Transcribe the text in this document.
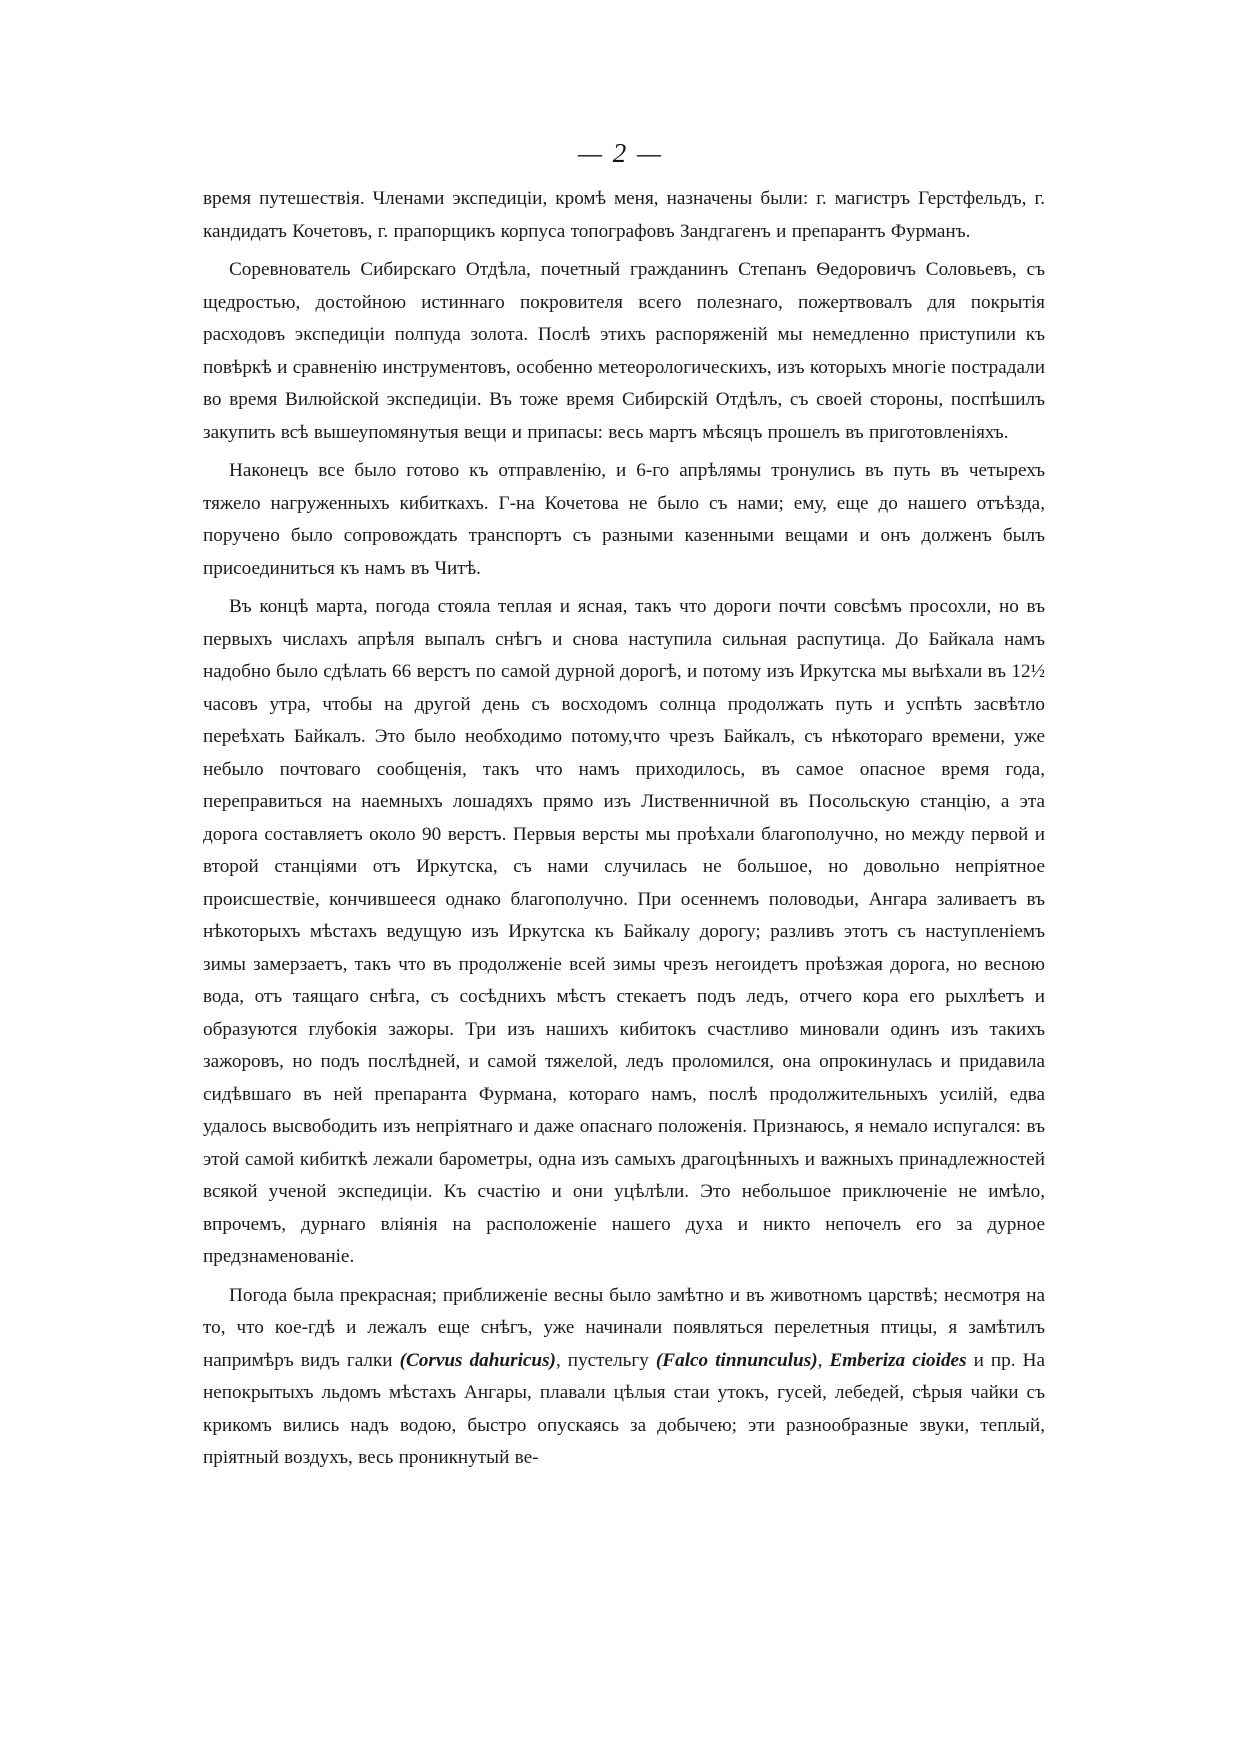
— 2 —

время путешествія. Членами экспедиціи, кромѣ меня, назначены были: г. магистръ Герстфельдъ, г. кандидатъ Кочетовъ, г. прапорщикъ корпуса топографовъ Зандгагенъ и препарантъ Фурманъ.

Соревнователь Сибирскаго Отдѣла, почетный гражданинъ Степанъ Ѳедоровичъ Соловьевъ, съ щедростью, достойною истиннаго покровителя всего полезнаго, пожертвовалъ для покрытія расходовъ экспедиціи полпуда золота. Послѣ этихъ распоряженій мы немедленно приступили къ повѣркѣ и сравненію инструментовъ, особенно метеорологическихъ, изъ которыхъ многіе пострадали во время Вилюйской экспедиціи. Въ тоже время Сибирскій Отдѣлъ, съ своей стороны, поспѣшилъ закупить всѣ вышеупомянутыя вещи и припасы: весь мартъ мѣсяцъ прошелъ въ приготовленіяхъ.

Наконецъ все было готово къ отправленію, и 6-го апрѣлямы тронулись въ путь въ четырехъ тяжело нагруженныхъ кибиткахъ. Г-на Кочетова не было съ нами; ему, еще до нашего отъѣзда, поручено было сопровождать транспортъ съ разными казенными вещами и онъ долженъ былъ присоединиться къ намъ въ Читѣ.

Въ концѣ марта, погода стояла теплая и ясная, такъ что дороги почти совсѣмъ просохли, но въ первыхъ числахъ апрѣля выпалъ снѣгъ и снова наступила сильная распутица. До Байкала намъ надобно было сдѣлать 66 верстъ по самой дурной дорогѣ, и потому изъ Иркутска мы выѣхали въ 12½ часовъ утра, чтобы на другой день съ восходомъ солнца продолжать путь и успѣть засвѣтло переѣхать Байкалъ. Это было необходимо потому,что чрезъ Байкалъ, съ нѣкотораго времени, уже небыло почтоваго сообщенія, такъ что намъ приходилось, въ самое опасное время года, переправиться на наемныхъ лошадяхъ прямо изъ Лиственничной въ Посольскую станцію, а эта дорога составляетъ около 90 верстъ. Первыя версты мы проѣхали благополучно, но между первой и второй станціями отъ Иркутска, съ нами случилась не большое, но довольно непріятное происшествіе, кончившееся однако благополучно. При осеннемъ половодьи, Ангара заливаетъ въ нѣкоторыхъ мѣстахъ ведущую изъ Иркутска къ Байкалу дорогу; разливъ этотъ съ наступленіемъ зимы замерзаетъ, такъ что въ продолженіе всей зимы чрезъ негоидетъ проѣзжая дорога, но весною вода, отъ таящаго снѣга, съ сосѣднихъ мѣстъ стекаетъ подъ ледъ, отчего кора его рыхлѣетъ и образуются глубокія зажоры. Три изъ нашихъ кибитокъ счастливо миновали одинъ изъ такихъ зажоровъ, но подъ послѣдней, и самой тяжелой, ледъ проломился, она опрокинулась и придавила сидѣвшаго въ ней препаранта Фурмана, котораго намъ, послѣ продолжительныхъ усилій, едва удалось высвободить изъ непріятнаго и даже опаснаго положенія. Признаюсь, я немало испугался: въ этой самой кибиткѣ лежали барометры, одна изъ самыхъ драгоцѣнныхъ и важныхъ принадлежностей всякой ученой экспедиціи. Къ счастію и они уцѣлѣли. Это небольшое приключеніе не имѣло, впрочемъ, дурнаго вліянія на расположеніе нашего духа и никто непочелъ его за дурное предзнаменованіе.

Погода была прекрасная; приближеніе весны было замѣтно и въ животномъ царствѣ; несмотря на то, что кое-гдѣ и лежалъ еще снѣгъ, уже начинали появляться перелетныя птицы, я замѣтилъ напримѣръ видъ галки (Corvus dahuricus), пустельгу (Falco tinnunculus), Emberiza cioides и пр. На непокрытыхъ льдомъ мѣстахъ Ангары, плавали цѣлыя стаи утокъ, гусей, лебедей, сѣрыя чайки съ крикомъ вились надъ водою, быстро опускаясь за добычею; эти разнообразные звуки, теплый, пріятный воздухъ, весь проникнутый ве-
